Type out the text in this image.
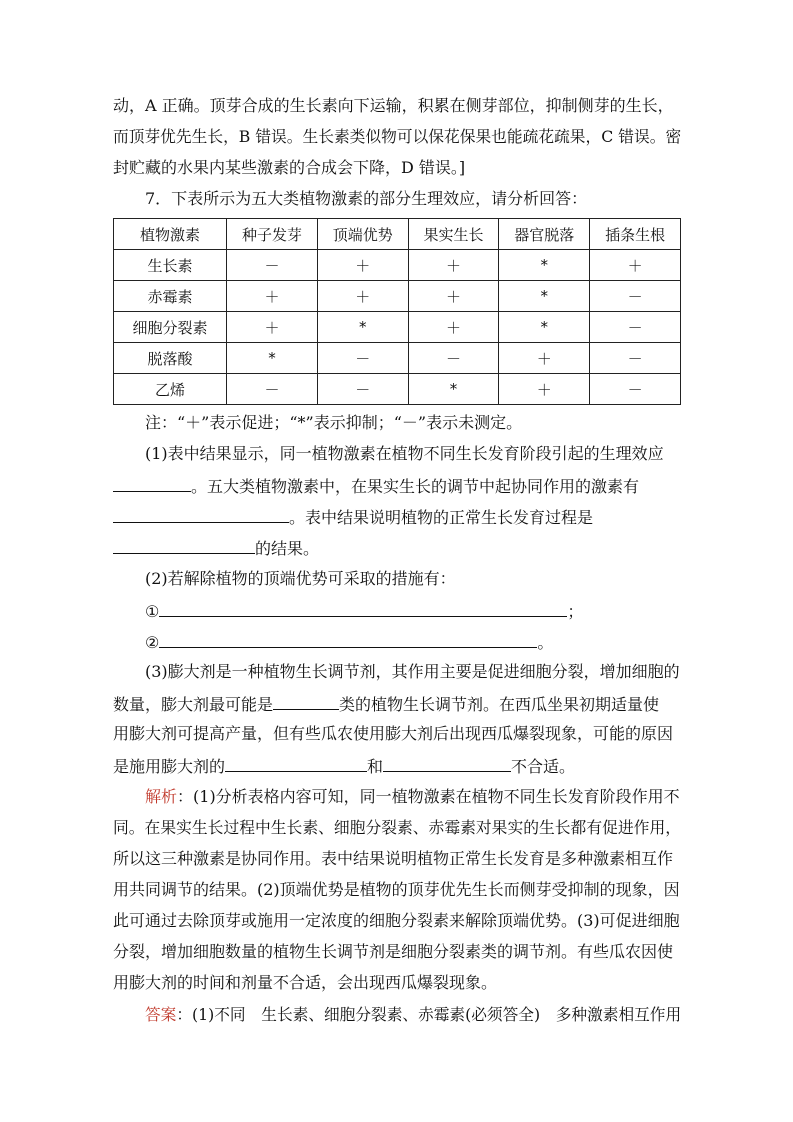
动，A 正确。顶芽合成的生长素向下运输，积累在侧芽部位，抑制侧芽的生长，
而顶芽优先生长，B 错误。生长素类似物可以保花保果也能疏花疏果，C 错误。密
封贮藏的水果内某些激素的合成会下降，D 错误。]
7．下表所示为五大类植物激素的部分生理效应，请分析回答：
植物激素	种子发芽	顶端优势	果实生长	器官脱落	插条生根
生长素	－	＋	＋	*	＋
赤霉素	＋	＋	＋	*	－
细胞分裂素	＋	*	＋	*	－
脱落酸	*	－	－	＋	－
乙烯	－	－	*	＋	－
注：“＋”表示促进；“*”表示抑制；“－”表示未测定。
(1)表中结果显示，同一植物激素在植物不同生长发育阶段引起的生理效应
。五大类植物激素中，在果实生长的调节中起协同作用的激素有
。表中结果说明植物的正常生长发育过程是
的结果。
(2)若解除植物的顶端优势可采取的措施有：
①	；
②	。
(3)膨大剂是一种植物生长调节剂，其作用主要是促进细胞分裂，增加细胞的
数量，膨大剂最可能是	类的植物生长调节剂。在西瓜坐果初期适量使
用膨大剂可提高产量，但有些瓜农使用膨大剂后出现西瓜爆裂现象，可能的原因
是施用膨大剂的	和	不合适。
解析：(1)分析表格内容可知，同一植物激素在植物不同生长发育阶段作用不
同。在果实生长过程中生长素、细胞分裂素、赤霉素对果实的生长都有促进作用，
所以这三种激素是协同作用。表中结果说明植物正常生长发育是多种激素相互作
用共同调节的结果。(2)顶端优势是植物的顶芽优先生长而侧芽受抑制的现象，因
此可通过去除顶芽或施用一定浓度的细胞分裂素来解除顶端优势。(3)可促进细胞
分裂，增加细胞数量的植物生长调节剂是细胞分裂素类的调节剂。有些瓜农因使
用膨大剂的时间和剂量不合适，会出现西瓜爆裂现象。
答案：(1)不同　生长素、细胞分裂素、赤霉素(必须答全)　多种激素相互作用
